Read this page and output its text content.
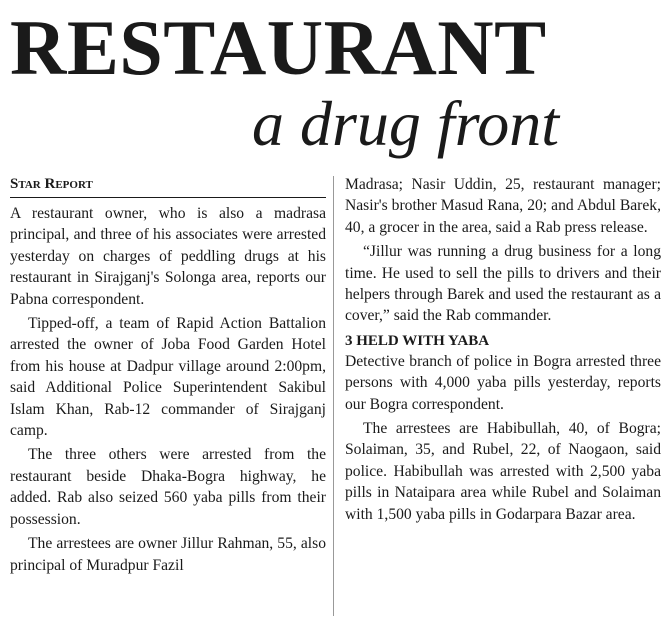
RESTAURANT
a drug front
Star Report

A restaurant owner, who is also a madrasa principal, and three of his associates were arrested yesterday on charges of peddling drugs at his restaurant in Sirajganj's Solonga area, reports our Pabna correspondent.

Tipped-off, a team of Rapid Action Battalion arrested the owner of Joba Food Garden Hotel from his house at Dadpur village around 2:00pm, said Additional Police Superintendent Sakibul Islam Khan, Rab-12 commander of Sirajganj camp.

The three others were arrested from the restaurant beside Dhaka-Bogra highway, he added. Rab also seized 560 yaba pills from their possession.

The arrestees are owner Jillur Rahman, 55, also principal of Muradpur Fazil

Madrasa; Nasir Uddin, 25, restaurant manager; Nasir's brother Masud Rana, 20; and Abdul Barek, 40, a grocer in the area, said a Rab press release.

“Jillur was running a drug business for a long time. He used to sell the pills to drivers and their helpers through Barek and used the restaurant as a cover,” said the Rab commander.

3 HELD WITH YABA

Detective branch of police in Bogra arrested three persons with 4,000 yaba pills yesterday, reports our Bogra correspondent.

The arrestees are Habibullah, 40, of Bogra; Solaiman, 35, and Rubel, 22, of Naogaon, said police. Habibullah was arrested with 2,500 yaba pills in Nataipara area while Rubel and Solaiman with 1,500 yaba pills in Godarpara Bazar area.
